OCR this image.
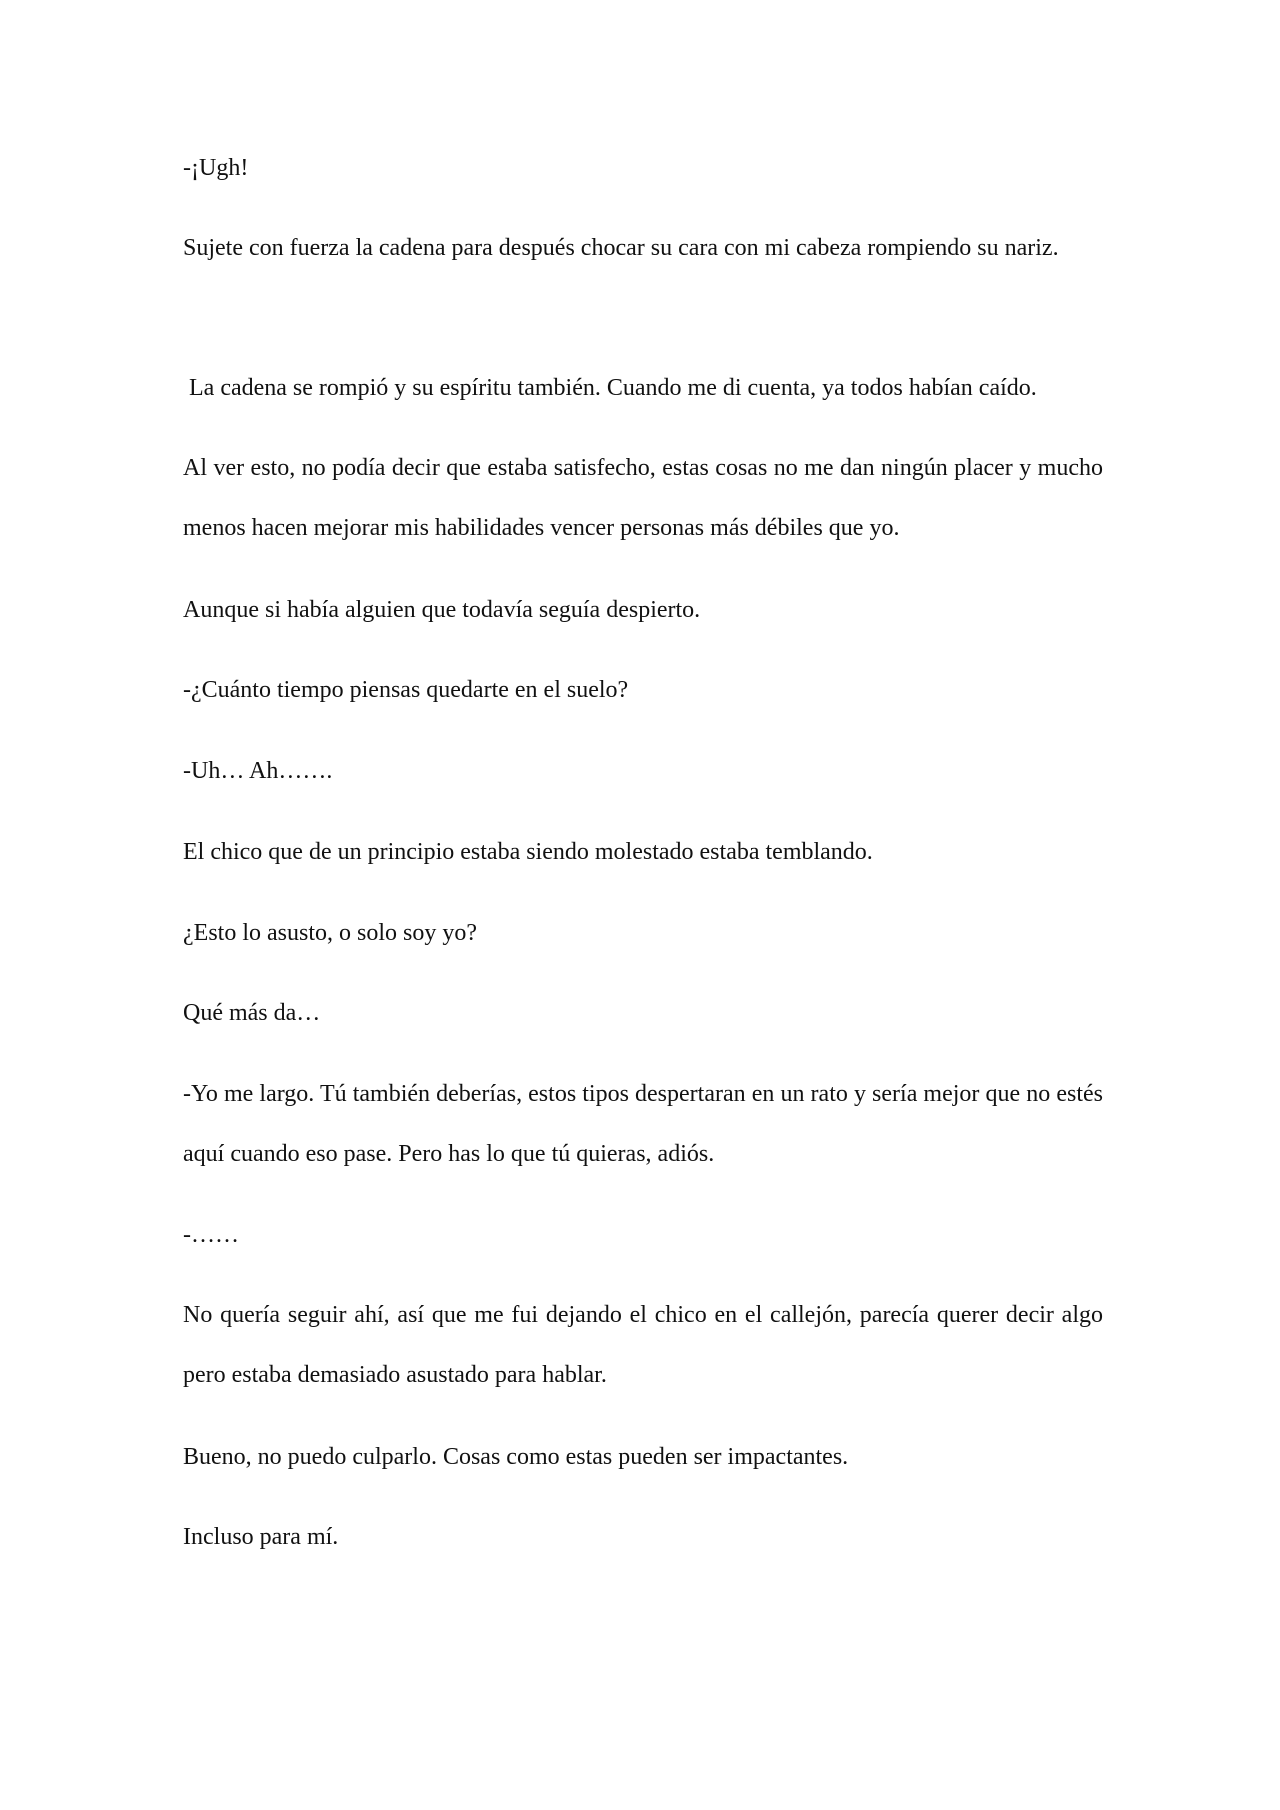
-¡Ugh!

Sujete con fuerza la cadena para después chocar su cara con mi cabeza rompiendo su nariz.

La cadena se rompió y su espíritu también. Cuando me di cuenta, ya todos habían caído.

Al ver esto, no podía decir que estaba satisfecho, estas cosas no me dan ningún placer y mucho menos hacen mejorar mis habilidades vencer personas más débiles que yo.

Aunque si había alguien que todavía seguía despierto.

-¿Cuánto tiempo piensas quedarte en el suelo?

-Uh… Ah…….

El chico que de un principio estaba siendo molestado estaba temblando.

¿Esto lo asusto, o solo soy yo?

Qué más da…

-Yo me largo. Tú también deberías, estos tipos despertaran en un rato y sería mejor que no estés aquí cuando eso pase. Pero has lo que tú quieras, adiós.

-……

No quería seguir ahí, así que me fui dejando el chico en el callejón, parecía querer decir algo pero estaba demasiado asustado para hablar.

Bueno, no puedo culparlo. Cosas como estas pueden ser impactantes.

Incluso para mí.
